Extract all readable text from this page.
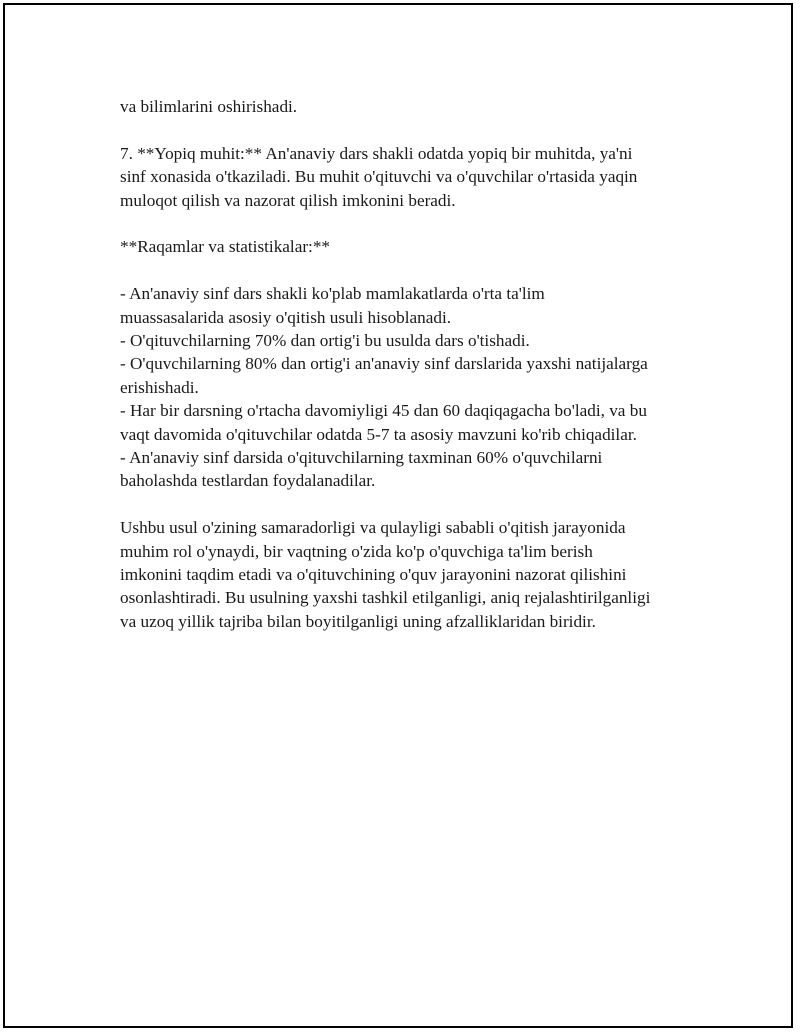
va bilimlarini oshirishadi.

7. **Yopiq muhit:** An'anaviy dars shakli odatda yopiq bir muhitda, ya'ni
sinf xonasida o'tkaziladi. Bu muhit o'qituvchi va o'quvchilar o'rtasida yaqin
muloqot qilish va nazorat qilish imkonini beradi.

**Raqamlar va statistikalar:**

- An'anaviy sinf dars shakli ko'plab mamlakatlarda o'rta ta'lim
muassasalarida asosiy o'qitish usuli hisoblanadi.
- O'qituvchilarning 70% dan ortig'i bu usulda dars o'tishadi.
- O'quvchilarning 80% dan ortig'i an'anaviy sinf darslarida yaxshi natijalarga
erishishadi.
- Har bir darsning o'rtacha davomiyligi 45 dan 60 daqiqagacha bo'ladi, va bu
vaqt davomida o'qituvchilar odatda 5-7 ta asosiy mavzuni ko'rib chiqadilar.
- An'anaviy sinf darsida o'qituvchilarning taxminan 60% o'quvchilarni
baholashda testlardan foydalanadilar.

Ushbu usul o'zining samaradorligi va qulayligi sababli o'qitish jarayonida
muhim rol o'ynaydi, bir vaqtning o'zida ko'p o'quvchiga ta'lim berish
imkonini taqdim etadi va o'qituvchining o'quv jarayonini nazorat qilishini
osonlashtiradi. Bu usulning yaxshi tashkil etilganligi, aniq rejalashtirilganligi
va uzoq yillik tajriba bilan boyitilganligi uning afzalliklaridan biridir.
